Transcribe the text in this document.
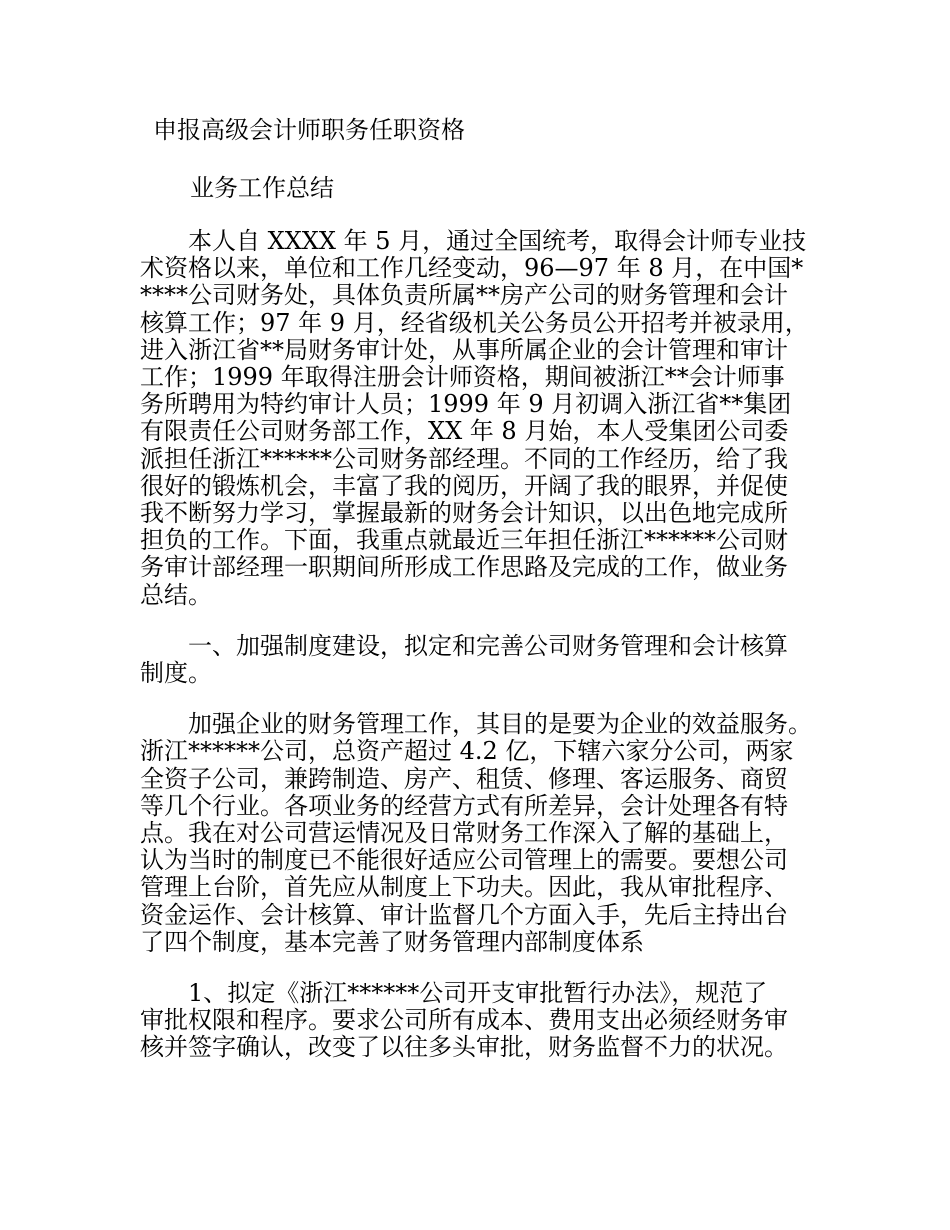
申报高级会计师职务任职资格
业务工作总结
本人自 XXXX 年 5 月，通过全国统考，取得会计师专业技
术资格以来，单位和工作几经变动，96—97 年 8 月，在中国*
****公司财务处，具体负责所属**房产公司的财务管理和会计
核算工作；97 年 9 月，经省级机关公务员公开招考并被录用，
进入浙江省**局财务审计处，从事所属企业的会计管理和审计
工作；1999 年取得注册会计师资格，期间被浙江**会计师事
务所聘用为特约审计人员；1999 年 9 月初调入浙江省**集团
有限责任公司财务部工作，XX 年 8 月始，本人受集团公司委
派担任浙江******公司财务部经理。不同的工作经历，给了我
很好的锻炼机会，丰富了我的阅历，开阔了我的眼界，并促使
我不断努力学习，掌握最新的财务会计知识，以出色地完成所
担负的工作。下面，我重点就最近三年担任浙江******公司财
务审计部经理一职期间所形成工作思路及完成的工作，做业务
总结。
一、加强制度建设，拟定和完善公司财务管理和会计核算
制度。
加强企业的财务管理工作，其目的是要为企业的效益服务。
浙江******公司，总资产超过 4.2 亿，下辖六家分公司，两家
全资子公司，兼跨制造、房产、租赁、修理、客运服务、商贸
等几个行业。各项业务的经营方式有所差异，会计处理各有特
点。我在对公司营运情况及日常财务工作深入了解的基础上，
认为当时的制度已不能很好适应公司管理上的需要。要想公司
管理上台阶，首先应从制度上下功夫。因此，我从审批程序、
资金运作、会计核算、审计监督几个方面入手，先后主持出台
了四个制度，基本完善了财务管理内部制度体系
1、拟定《浙江******公司开支审批暂行办法》，规范了
审批权限和程序。要求公司所有成本、费用支出必须经财务审
核并签字确认，改变了以往多头审批，财务监督不力的状况。
